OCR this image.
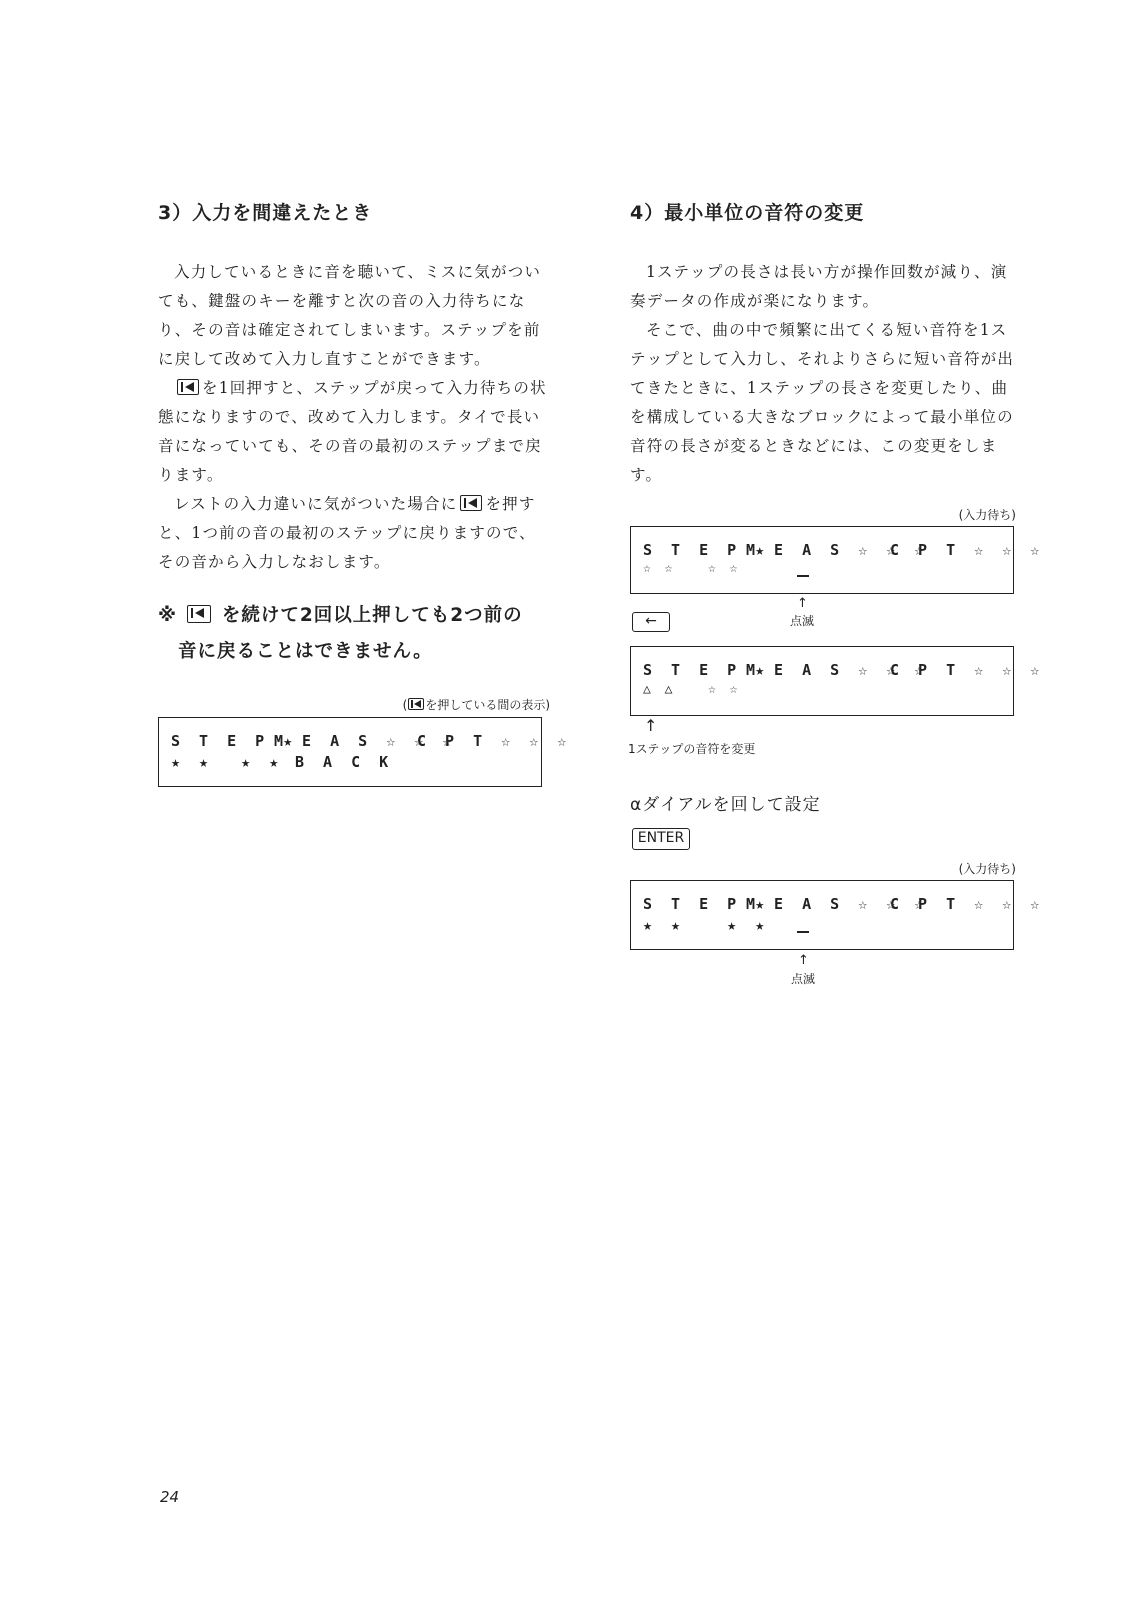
3）入力を間違えたとき

入力しているときに音を聴いて、ミスに気がついても、鍵盤のキーを離すと次の音の入力待ちになり、その音は確定されてしまいます。ステップを前に戻して改めて入力し直すことができます。

を1回押すと、ステップが戻って入力待ちの状態になりますので、改めて入力します。タイで長い音になっていても、その音の最初のステップまで戻ります。

レストの入力違いに気がついた場合に を押すと、1つ前の音の最初のステップに戻りますので、その音から入力しなおします。

※ を続けて2回以上押しても2つ前の
音に戻ることはできません。

( を押している間の表示)

S T E P ★
M E A S ☆ ☆ ☆
C P T ☆ ☆ ☆
★ ★  ★ ★ B A C K
4）最小単位の音符の変更

1ステップの長さは長い方が操作回数が減り、演奏データの作成が楽になります。

そこで、曲の中で頻繁に出てくる短い音符を1ステップとして入力し、それよりさらに短い音符が出てきたときに、1ステップの長さを変更したり、曲を構成している大きなブロックによって最小単位の音符の長さが変るときなどには、この変更をします。

(入力待ち)

S T E P ★
M E A S ☆ ☆ ☆
C P T ☆ ☆ ☆
☆ ☆   ☆ ☆
↑
点滅
←
S T E P ★
M E A S ☆ ☆ ☆
C P T ☆ ☆ ☆
△ △   ☆ ☆
↑
1ステップの音符を変更
αダイアルを回して設定
ENTER

(入力待ち)

S T E P ★
M E A S ☆ ☆ ☆
C P T ☆ ☆ ☆
★ ★   ★ ★
↑
点滅
24
